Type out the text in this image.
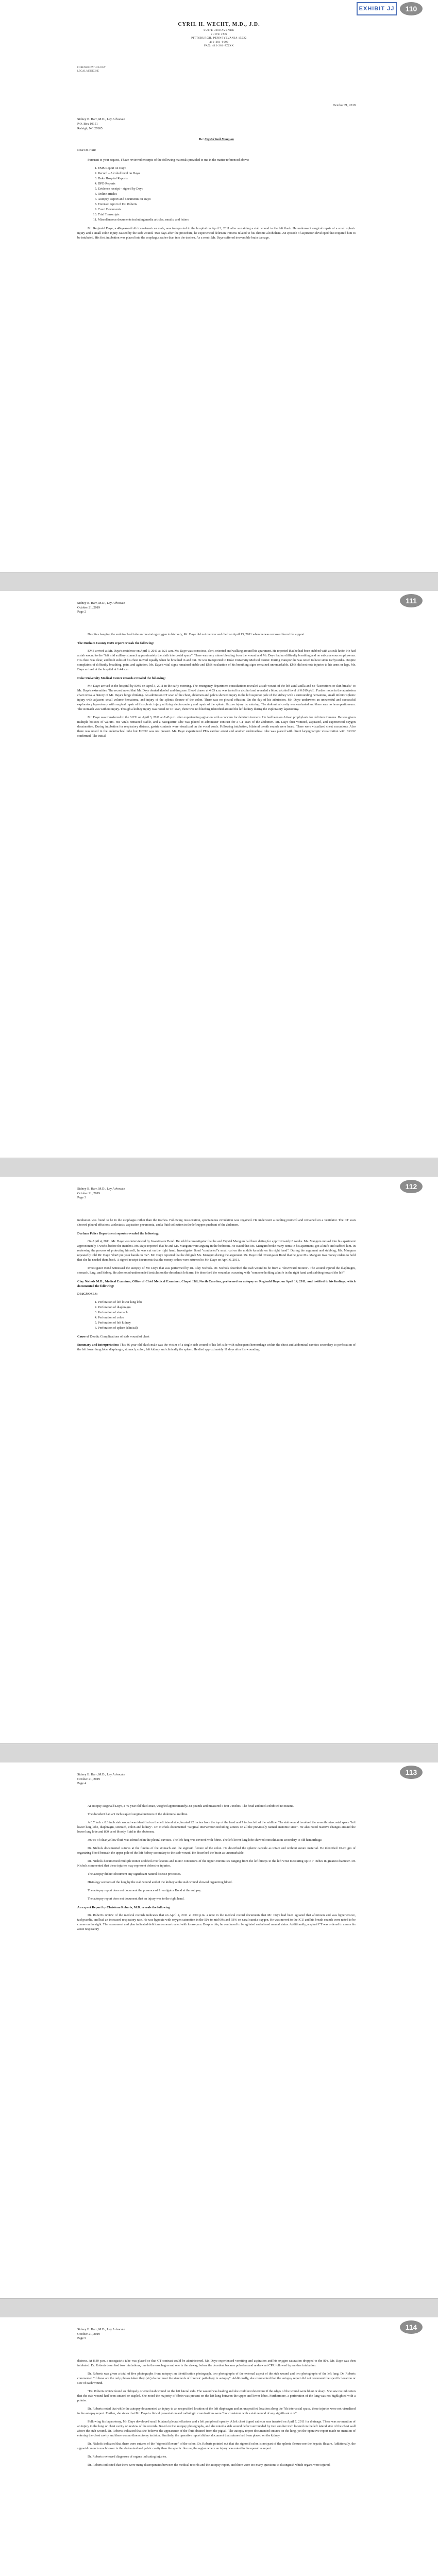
EXHIBIT JJ	110
CYRIL H. WECHT, M.D., J.D.
SUITE 3200 AVENUE
SUITE 2XX
PITTSBURGH, PENNSYLVANIA 15222
412-281-9090
FAX: 412-281-XXXX
FORENSIC PATHOLOGY
LEGAL MEDICINE
October 21, 2019
Sidney B. Harr, M.D., Lay Advocate
P.O. Box 10151
Raleigh, NC 27605
Re: Crystal Gail Mangum
Dear Dr. Harr:

Pursuant to your request, I have reviewed excerpts of the following materials provided to me in the matter referenced above:

1. EMS Report on Dayo
2. Record – Alcohol level on Dayo
3. Duke Hospital Reports
4. DPD Reports
5. Evidence receipt – signed by Dayo
6. Online articles
7. Autopsy Report and documents on Dayo
8. Forensic report of Dr. Roberts
9. Court Documents
10. Trial Transcripts
11. Miscellaneous documents including media articles, emails, and letters

Mr. Reginald Daye, a 46-year-old African-American male, was transported to the hospital on April 3, 2011 after sustaining a stab wound to the left flank. He underwent surgical repair of a small splenic injury and a small colon injury caused by the stab wound. Two days after the procedure, he experienced delirium tremens related to his chronic alcoholism. An episode of aspiration developed that required him to be intubated. His first intubation was placed into the esophagus rather than into the trachea. As a result Mr. Daye suffered irreversible brain damage.

111
Sidney B. Harr, M.D., Lay Advocate
October 21, 2019
Page 2

Despite changing the endotracheal tube and restoring oxygen to his body, Mr. Daye did not recover and died on April 13, 2011 when he was removed from life support.

The Durham County EMS report reveals the following:

EMS arrived at Mr. Daye's residence on April 3, 2011 at 1:21 a.m. Mr. Daye was conscious, alert, oriented and walking around his apartment. He reported that he had been stabbed with a steak knife. He had a stab wound to the "left mid axillary stomach approximately the sixth intercostal space". There was very minor bleeding from the wound and Mr. Daye had no difficulty breathing and no subcutaneous emphysema. His chest was clear, and both sides of his chest moved equally when he breathed in and out. He was transported to Duke University Medical Center. During transport he was noted to have sinus tachycardia. Despite complaints of difficulty breathing, pain, and agitation, Mr. Daye's vital signs remained stable and EMS evaluation of his breathing signs remained unremarkable. EMS did not note injuries to his arms or legs. Mr. Daye arrived at the hospital at 1:44 a.m.

Duke University Medical Center records revealed the following:

Mr. Daye arrived at the hospital by EMS on April 3, 2011 in the early morning. The emergency department consultations revealed a stab wound of the left axial axilla and no "lacerations or skin breaks" to Mr. Daye's extremities. The record noted that Mr. Daye denied alcohol and drug use. Blood drawn at 4:03 a.m. was tested for alcohol and revealed a blood alcohol level of 0.019 g/dL. Further notes in the admission chart reveal a history of Mr. Daye's binge drinking. An admission CT scan of the chest, abdomen and pelvis showed injury to the left superior pole of the kidney with a surrounding hematoma, small inferior splenic injury with adjacent small volume hematoma, and injury of the splenic flexure of the colon. There was no pleural effusion. On the day of his admission, Mr. Daye underwent an uneventful and successful exploratory laparotomy with surgical repair of his splenic injury utilizing electrocautery and repair of the splenic flexure injury by suturing. The abdominal cavity was evaluated and there was no hemoperitoneum. The stomach was without injury. Though a kidney injury was noted on CT scan, there was no bleeding identified around the left kidney during the exploratory laparotomy.

Mr. Daye was transferred to the SICU on April 3, 2011 at 8:43 p.m. after experiencing agitation with a concern for delirium tremens. He had been on Ativan prophylaxis for delirium tremens. He was given multiple boluses of valium. His vitals remained stable, and a nasogastric tube was placed to administer contrast for a CT scan of the abdomen. Mr. Daye then vomited, aspirated, and experienced oxygen desaturation. During intubation for respiratory distress, gastric contents were visualized on the vocal cords. Following intubation, bilateral breath sounds were heard. There were visualized chest excursions. Also there was noted in the endotracheal tube but EtCO2 was not present. Mr. Daye experienced PEA cardiac arrest and another endotracheal tube was placed with direct laryngoscopic visualization with EtCO2 confirmed. The initial

112
Sidney B. Harr, M.D., Lay Advocate
October 21, 2019
Page 3

intubation was found to be in the esophagus rather than the trachea. Following resuscitation, spontaneous circulation was regained. He underwent a cooling protocol and remained on a ventilator. The CT scan showed pleural effusions, atelectasis, aspiration pneumonia, and a fluid collection in the left upper quadrant of the abdomen.

Durham Police Department reports revealed the following:

On April 4, 2011, Mr. Daye was interviewed by Investigator Bond. He told the investigator that he and Crystal Mangum had been dating for approximately 8 weeks. Ms. Mangum moved into his apartment approximately 5 weeks before the incident. Mr. Daye reported that he and Ms. Mangum were arguing in the bedroom. He stated that Ms. Mangum broke many items in his apartment, got a knife and stabbed him. In reviewing the process of protecting himself, he was cut on the right hand. Investigator Bond "conducted"a small cut on the middle knuckle on his right hand". During the argument and stabbing, Ms. Mangum repeatedly told Mr. Daye "don't put your hands on me". Mr. Daye reported that he did grab Ms. Mangum during the argument. Mr. Daye told Investigator Bond that he gave Ms. Mangum two money orders to hold that she he needed them back. A signed receipt documents that the money orders were returned to Mr. Daye on April 6, 2011.

Investigator Bond witnessed the autopsy of Mr. Daye that was performed by Dr. Clay Nichols. Dr. Nichols described the stab wound to be from a "downward motion". The wound injured the diaphragm, stomach, lung, and kidney. He also noted undescended testicles on the decedent's left arm. He described the wound as occurring with "someone holding a knife in the right hand and stabbing toward the left".

Clay Nichols M.D., Medical Examiner, Office of Chief Medical Examiner, Chapel Hill, North Carolina, performed an autopsy on Reginald Daye, on April 14, 2011, and testified to his findings, which documented the following:

DIAGNOSES:

1. Perforation of left lower lung lobe
2. Perforation of diaphragm
3. Perforation of stomach
4. Perforation of colon
5. Perforation of left kidney
6. Perforation of spleen (clinical)

Cause of Death: Complications of stab wound of chest

Summary and Interpretation: This 46-year-old black male was the victim of a single stab wound of his left side with subsequent hemorrhage within the chest and abdominal cavities secondary to perforation of the left lower lung lobe, diaphragm, stomach, colon, left kidney and clinically the spleen. He died approximately 11 days after his wounding.

113
Sidney B. Harr, M.D., Lay Advocate
October 21, 2019
Page 4

At autopsy Reginald Daye, a 46-year old black man, weighed approximately188 pounds and measured 5 feet 9 inches. The head and neck exhibited no trauma.

The decedent had a 9 inch stapled surgical incision of the abdominal midline.

A 0.7 inch x 0.3 inch stab wound was identified on the left lateral side, located 22 inches from the top of the head and 7 inches left of the midline. The stab wound involved the seventh intercostal space "left lower lung lobe, diaphragm, stomach, colon and kidney". Dr. Nichols documented "surgical intervention including sutures on all the previously named anatomic sites". He also noted reactive changes around the lower lung lobe and 800 cc of bloody fluid in the abdomen.

300 cc of clear yellow fluid was identified in the pleural cavities. The left lung was covered with fibrin. The left lower lung lobe showed consolidation secondary to old hemorrhage.

Dr. Nichols documented sutures at the fundus of the stomach and the sigmoid flexure of the colon. He described the splenic capsule as intact and without suture material. He identified 10-20 gm of organizing blood beneath the upper pole of the left kidney secondary to the stab wound. He described the brain as unremarkable.

Dr. Nichols documented multiple minor scabbed-over lesions and minor contusions of the upper extremities ranging from the left biceps to the left wrist measuring up to 7 inches in greatest diameter. Dr. Nichols commented that these injuries may represent defensive injuries.

The autopsy did not document any significant natural disease processes.

Histology sections of the lung by the stab wound and of the kidney at the stab wound showed organizing blood.

The autopsy report does not document the presence of Investigator Bond at the autopsy.

The autopsy report does not document that an injury was to the right hand.

An expert Report by Christena Roberts, M.D. reveals the following:

Dr. Robert's review of the medical records indicates that on April 4, 2011 at 5:00 p.m. a note in the medical record documents that Mr. Daye had been agitated that afternoon and was hypertensive, tachycardic, and had an increased respiratory rate. He was hypoxic with oxygen saturation in the 50's to mid 60's and 93% on nasal canula oxygen. He was moved to the ICU and his breath sounds were noted to be coarse on the right. The assessment and plan indicated delirium tremens treated with lorazepam. Despite this, he continued to be agitated and altered mental status. Additionally, a spinal CT was ordered to assess his acute respiratory

114
Sidney B. Harr, M.D., Lay Advocate
October 21, 2019
Page 5

distress. At 8:30 p.m. a nasogastric tube was placed so that CT contrast could be administered. Mr. Daye experienced vomiting and aspiration and his oxygen saturation dropped to the 80's. Mr. Daye was then intubated. Dr. Roberts described two intubations, one in the esophagus and one in the airway, before the decedent became pulseless and underwent CPR followed by another intubation.

Dr. Roberts was given a total of five photographs from autopsy: an identification photograph, two photographs of the external aspect of the stab wound and two photographs of the left lung. Dr. Roberts commented "if these are the only photos taken they (sic) do not meet the standards of forensic pathology in autopsy". Additionally, she commented that the autopsy report did not document the specific location or size of each wound.

"Dr. Roberts review found an obliquely oriented stab wound on the left lateral side. The wound was healing and she could not determine if the edges of the wound were blunt or sharp. She saw no indication that the stab wound had been sutured or stapled. She noted the majority of fibrin was present on the left lung between the upper and lower lobes. Furthermore, a perforation of the lung was not highlighted with a pointer.

Dr. Roberts noted that while the autopsy documented an injury to an unspecified location of the left diaphragm and an unspecified location along the 7th intercostal space, these injuries were not visualized in the autopsy report. Further, she states that Mr. Daye's clinical presentation and radiologic examinations were "not consistent with a stab wound of any significant size".

Following his laparotomy, Mr. Daye developed small bilateral pleural effusions and a left peripheral opacity. A left chest tipped catheter was inserted on April 7, 2011 for drainage. There was no mention of an injury to the lung or chest cavity on review of the records. Based on the autopsy photographs, and she noted a stab wound defect surrounded by two another inch located on the left lateral side of the chest wall above the stab wound. Dr. Roberts indicated that she believes the appearance of the fluid drained from the pigtail. The autopsy report documented sutures on the lung, yet the operative report made no mention of entering the chest cavity and there was no thoracotomy incision. Similarly, the operative report did not document that sutures had been placed on the kidney.

Dr. Nichols indicated that there were sutures of the "sigmoid flexure" of the colon. Dr. Roberts pointed out that the sigmoid colon is not part of the splenic flexure nor the hepatic flexure. Additionally, the sigmoid colon is much lower in the abdominal and pelvic cavity than the splenic flexure, the region where an injury was noted in the operative report.

Dr. Roberts reviewed diagnoses of organs indicating injuries.

Dr. Roberts indicated that there were many discrepancies between the medical records and the autopsy report, and there were too many questions to distinguish which organs were injured.
